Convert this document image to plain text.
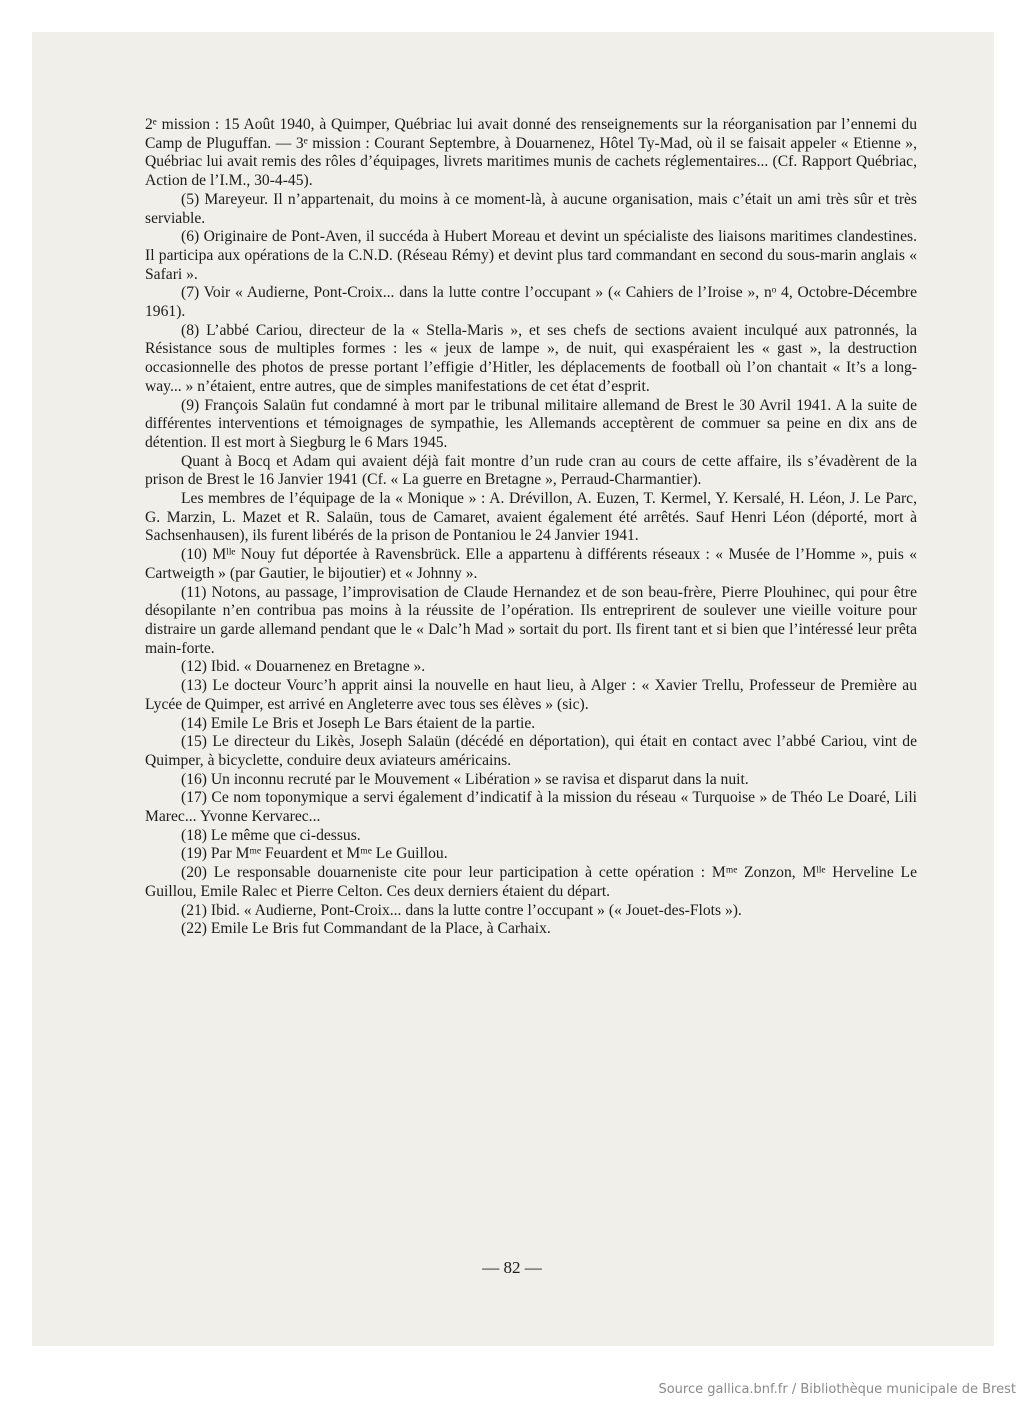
2ᵉ mission : 15 Août 1940, à Quimper, Québriac lui avait donné des renseignements sur la réorganisation par l’ennemi du Camp de Pluguffan. — 3ᵉ mission : Courant Septembre, à Douarnenez, Hôtel Ty-Mad, où il se faisait appeler « Etienne », Québriac lui avait remis des rôles d’équipages, livrets maritimes munis de cachets réglementaires... (Cf. Rapport Québriac, Action de l’I.M., 30-4-45).

(5) Mareyeur. Il n’appartenait, du moins à ce moment-là, à aucune organisation, mais c’était un ami très sûr et très serviable.

(6) Originaire de Pont-Aven, il succéda à Hubert Moreau et devint un spécialiste des liaisons maritimes clandestines. Il participa aux opérations de la C.N.D. (Réseau Rémy) et devint plus tard commandant en second du sous-marin anglais « Safari ».

(7) Voir « Audierne, Pont-Croix... dans la lutte contre l’occupant » (« Cahiers de l’Iroise », nᵒ 4, Octobre-Décembre 1961).

(8) L’abbé Cariou, directeur de la « Stella-Maris », et ses chefs de sections avaient inculqué aux patronnés, la Résistance sous de multiples formes : les « jeux de lampe », de nuit, qui exaspéraient les « gast », la destruction occasionnelle des photos de presse portant l’effigie d’Hitler, les déplacements de football où l’on chantait « It’s a long-way... » n’étaient, entre autres, que de simples manifestations de cet état d’esprit.

(9) François Salaün fut condamné à mort par le tribunal militaire allemand de Brest le 30 Avril 1941. A la suite de différentes interventions et témoignages de sympathie, les Allemands acceptèrent de commuer sa peine en dix ans de détention. Il est mort à Siegburg le 6 Mars 1945.

Quant à Bocq et Adam qui avaient déjà fait montre d’un rude cran au cours de cette affaire, ils s’évadèrent de la prison de Brest le 16 Janvier 1941 (Cf. « La guerre en Bretagne », Perraud-Charmantier).

Les membres de l’équipage de la « Monique » : A. Drévillon, A. Euzen, T. Kermel, Y. Kersalé, H. Léon, J. Le Parc, G. Marzin, L. Mazet et R. Salaün, tous de Camaret, avaient également été arrêtés. Sauf Henri Léon (déporté, mort à Sachsenhausen), ils furent libérés de la prison de Pontaniou le 24 Janvier 1941.

(10) Mˡˡᵉ Nouy fut déportée à Ravensbrück. Elle a appartenu à différents réseaux : « Musée de l’Homme », puis « Cartweigth » (par Gautier, le bijoutier) et « Johnny ».

(11) Notons, au passage, l’improvisation de Claude Hernandez et de son beau-frère, Pierre Plouhinec, qui pour être désopilante n’en contribua pas moins à la réussite de l’opération. Ils entreprirent de soulever une vieille voiture pour distraire un garde allemand pendant que le « Dalc’h Mad » sortait du port. Ils firent tant et si bien que l’intéressé leur prêta main-forte.

(12) Ibid. « Douarnenez en Bretagne ».

(13) Le docteur Vourc’h apprit ainsi la nouvelle en haut lieu, à Alger : « Xavier Trellu, Professeur de Première au Lycée de Quimper, est arrivé en Angleterre avec tous ses élèves » (sic).

(14) Emile Le Bris et Joseph Le Bars étaient de la partie.

(15) Le directeur du Likès, Joseph Salaün (décédé en déportation), qui était en contact avec l’abbé Cariou, vint de Quimper, à bicyclette, conduire deux aviateurs américains.

(16) Un inconnu recruté par le Mouvement « Libération » se ravisa et disparut dans la nuit.

(17) Ce nom toponymique a servi également d’indicatif à la mission du réseau « Turquoise » de Théo Le Doaré, Lili Marec... Yvonne Kervarec...

(18) Le même que ci-dessus.

(19) Par Mᵐᵉ Feuardent et Mᵐᵉ Le Guillou.

(20) Le responsable douarneniste cite pour leur participation à cette opération : Mᵐᵉ Zonzon, Mˡˡᵉ Herveline Le Guillou, Emile Ralec et Pierre Celton. Ces deux derniers étaient du départ.

(21) Ibid. « Audierne, Pont-Croix... dans la lutte contre l’occupant » (« Jouet-des-Flots »).

(22) Emile Le Bris fut Commandant de la Place, à Carhaix.

— 82 —
Source gallica.bnf.fr / Bibliothèque municipale de Brest
